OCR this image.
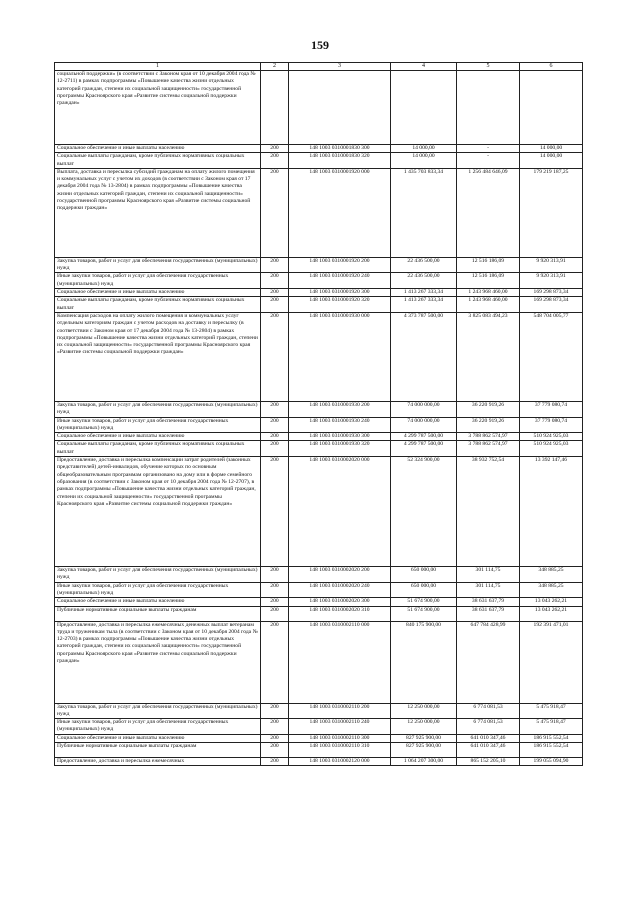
159
1	2	3	4	5	6
социальной поддержки» (в соответствии с Законом края от 10 декабря 2004 года № 12-2711) в рамках подпрограммы «Повышение качества жизни отдельных категорий граждан, степени их социальной защищенности» государственной программы Красноярского края «Развитие системы социальной поддержки граждан»					
Социальное обеспечение и иные выплаты населению	200	148 1003 0310001830 300	14 000,00	-	14 000,00
Социальные выплаты гражданам, кроме публичных нормативных социальных выплат	200	148 1003 0310001830 320	14 000,00	-	14 000,00
Выплата, доставка и пересылка субсидий гражданам на оплату жилого помещения и коммунальных услуг с учетом их доходов (в соответствии с Законом края от 17 декабря 2004 года № 13-2804) в рамках подпрограммы «Повышение качества жизни отдельных категорий граждан, степени их социальной защищенности» государственной программы Красноярского края «Развитие системы социальной поддержки граждан»	200	148 1003 0310001920 000	1 435 703 833,34	1 256 484 646,09	179 219 187,25
Закупка товаров, работ и услуг для обеспечения государственных (муниципальных) нужд	200	148 1003 0310001920 200	22 436 500,00	12 516 186,09	9 920 313,91
Иные закупки товаров, работ и услуг для обеспечения государственных (муниципальных) нужд	200	148 1003 0310001920 240	22 436 500,00	12 516 186,09	9 920 313,91
Социальное обеспечение и иные выплаты населению	200	148 1003 0310001920 300	1 413 267 333,34	1 243 968 460,00	169 298 873,34
Социальные выплаты гражданам, кроме публичных нормативных социальных выплат	200	148 1003 0310001920 320	1 413 267 333,34	1 243 968 460,00	169 298 873,34
Компенсация расходов на оплату жилого помещения и коммунальных услуг отдельным категориям граждан с учетом расходов на доставку и пересылку (в соответствии с Законом края от 17 декабря 2004 года № 13-2804) в рамках подпрограммы «Повышение качества жизни отдельных категорий граждан, степени их социальной защищенности» государственной программы Красноярского края «Развитие системы социальной поддержки граждан»	200	148 1003 0310001930 000	4 373 787 500,00	3 825 083 494,23	548 704 005,77
Закупка товаров, работ и услуг для обеспечения государственных (муниципальных) нужд	200	148 1003 0310001930 200	74 000 000,00	36 220 919,26	37 779 080,74
Иные закупки товаров, работ и услуг для обеспечения государственных (муниципальных) нужд	200	148 1003 0310001930 240	74 000 000,00	36 220 919,26	37 779 080,74
Социальное обеспечение и иные выплаты населению	200	148 1003 0310001930 300	4 299 787 500,00	3 788 862 574,97	510 924 925,03
Социальные выплаты гражданам, кроме публичных нормативных социальных выплат	200	148 1003 0310001930 320	4 299 787 500,00	3 788 862 574,97	510 924 925,03
Предоставление, доставка и пересылка компенсации затрат родителей (законных представителей) детей-инвалидов, обучение которых по основным общеобразовательным программам организовано на дому или в форме семейного образования (в соответствии с Законом края от 10 декабря 2004 года № 12-2707), в рамках подпрограммы «Повышение качества жизни отдельных категорий граждан, степени их социальной защищенности» государственной программы Красноярского края «Развитие системы социальной поддержки граждан»	200	148 1003 0310002020 000	52 324 900,00	38 932 752,54	13 392 147,46
Закупка товаров, работ и услуг для обеспечения государственных (муниципальных) нужд	200	148 1003 0310002020 200	650 000,00	301 114,75	348 885,25
Иные закупки товаров, работ и услуг для обеспечения государственных (муниципальных) нужд	200	148 1003 0310002020 240	650 000,00	301 114,75	348 885,25
Социальное обеспечение и иные выплаты населению	200	148 1003 0310002020 300	51 674 900,00	38 631 637,79	13 043 262,21
Публичные нормативные социальные выплаты гражданам	200	148 1003 0310002020 310	51 674 900,00	38 631 637,79	13 043 262,21
Предоставление, доставка и пересылка ежемесячных денежных выплат ветеранам труда и труженикам тыла (в соответствии с Законом края от 10 декабря 2004 года № 12-2703) в рамках подпрограммы «Повышение качества жизни отдельных категорий граждан, степени их социальной защищенности» государственной программы Красноярского края «Развитие системы социальной поддержки граждан»	200	148 1003 0310002110 000	840 175 900,00	647 784 428,99	192 391 471,01
Закупка товаров, работ и услуг для обеспечения государственных (муниципальных) нужд	200	148 1003 0310002110 200	12 250 000,00	6 774 081,53	5 475 918,47
Иные закупки товаров, работ и услуг для обеспечения государственных (муниципальных) нужд	200	148 1003 0310002110 240	12 250 000,00	6 774 081,53	5 475 918,47
Социальное обеспечение и иные выплаты населению	200	148 1003 0310002110 300	827 925 900,00	641 010 347,46	186 915 552,54
Публичные нормативные социальные выплаты гражданам	200	148 1003 0310002110 310	827 925 900,00	641 010 347,46	186 915 552,54
Предоставление, доставка и пересылка ежемесячных	200	148 1003 0310002120 000	1 064 207 300,00	865 152 205,10	199 055 094,90
